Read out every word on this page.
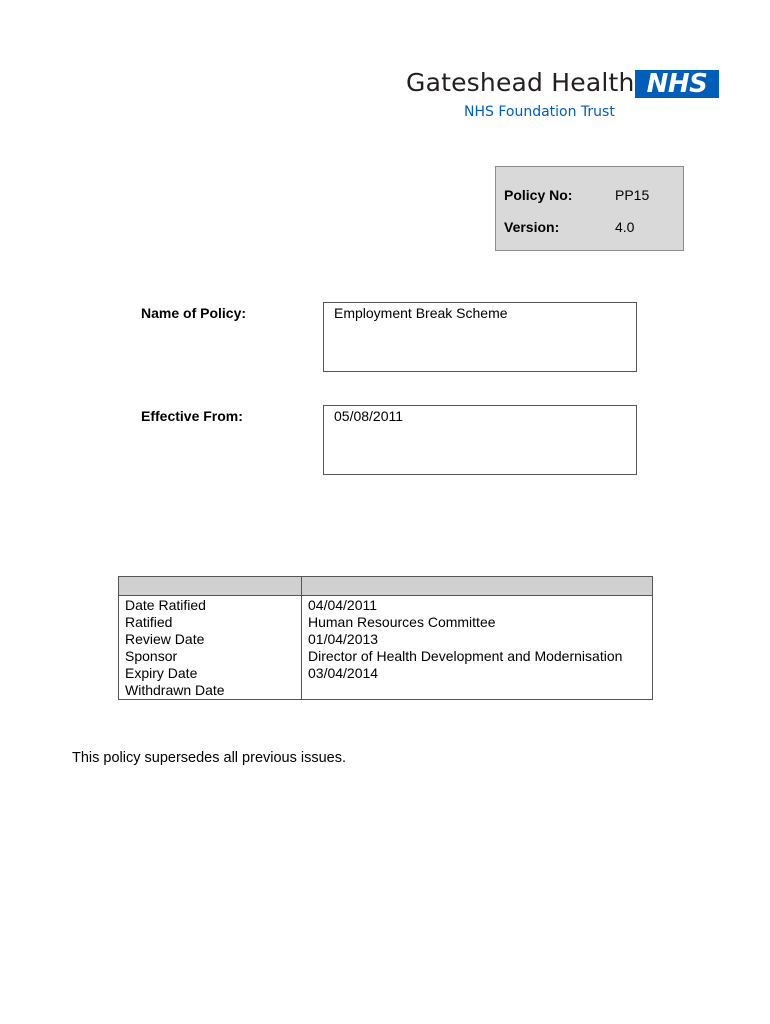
Gateshead Health NHS
NHS Foundation Trust
Policy No:	PP15
Version:	4.0
Name of Policy:	Employment Break Scheme
Effective From:	05/08/2011

Date Ratified	04/04/2011
Ratified	Human Resources Committee
Review Date	01/04/2013
Sponsor	Director of Health Development and Modernisation
Expiry Date	03/04/2014
Withdrawn Date	
This policy supersedes all previous issues.
